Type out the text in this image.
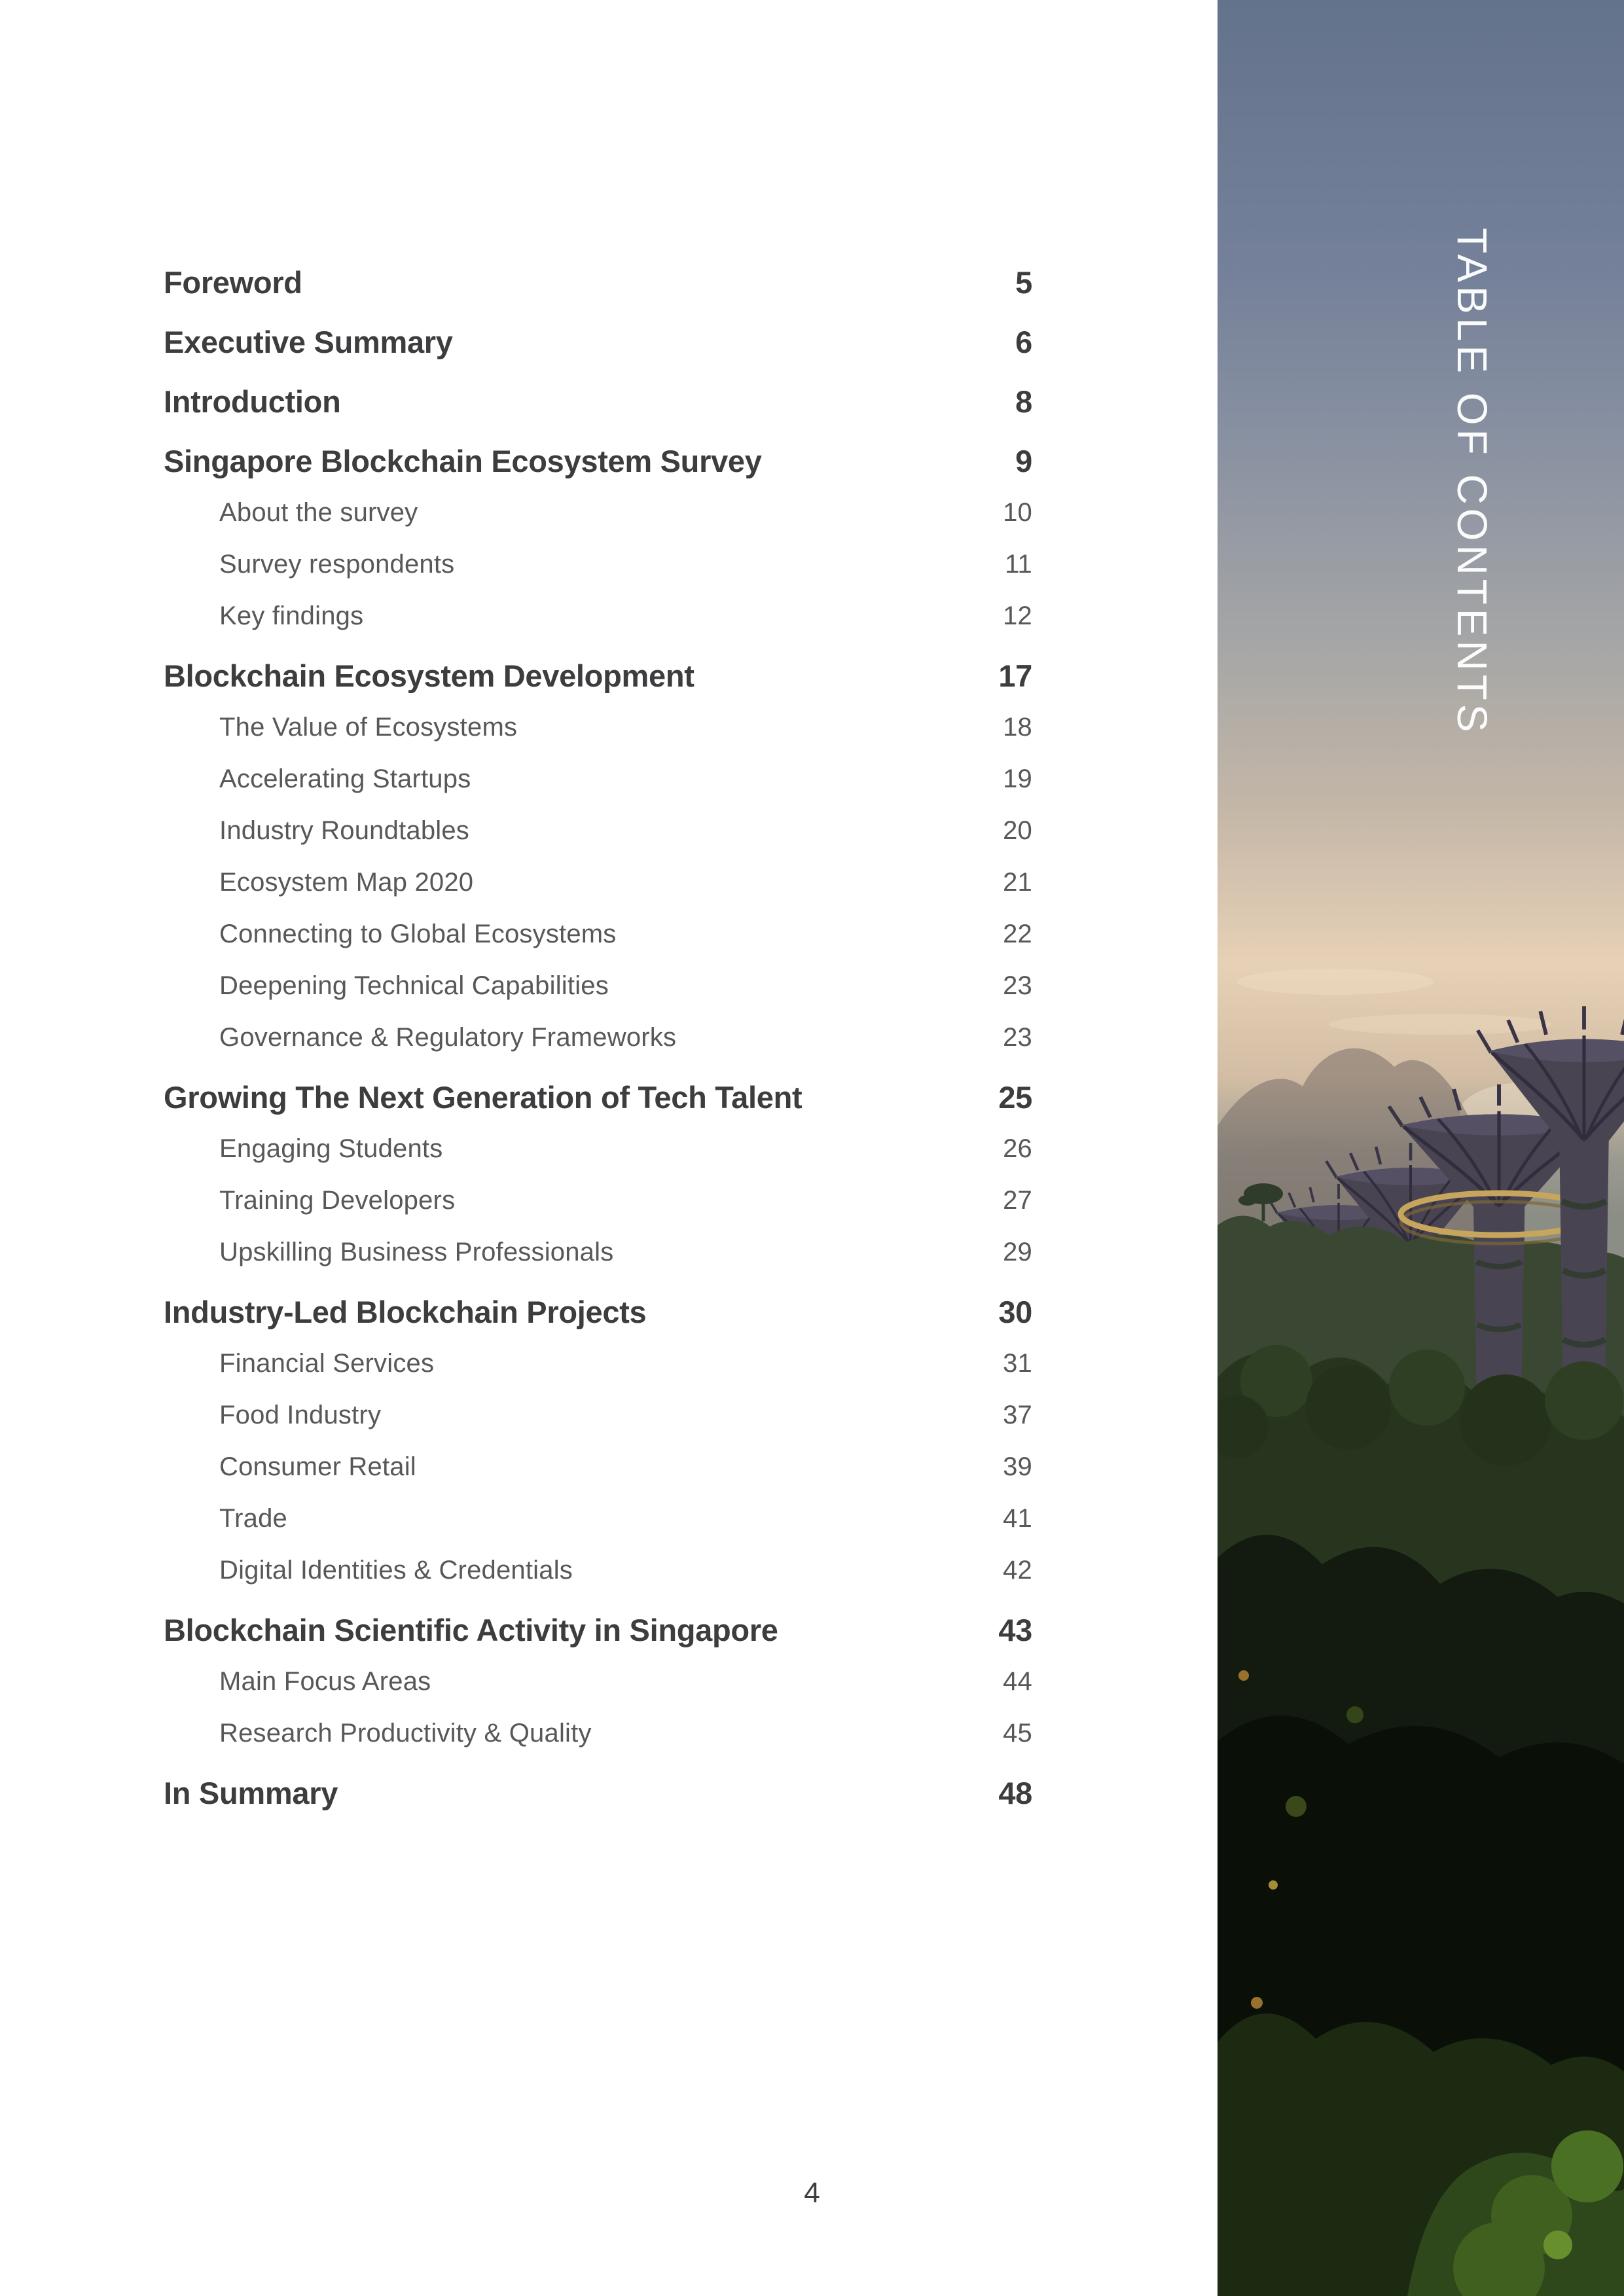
Foreword	5
Executive Summary	6
Introduction	8
Singapore Blockchain Ecosystem Survey	9
About the survey	10
Survey respondents	11
Key findings	12
Blockchain Ecosystem Development	17
The Value of Ecosystems	18
Accelerating Startups	19
Industry Roundtables	20
Ecosystem Map 2020	21
Connecting to Global Ecosystems	22
Deepening Technical Capabilities	23
Governance & Regulatory Frameworks	23
Growing The Next Generation of Tech Talent	25
Engaging Students	26
Training Developers	27
Upskilling Business Professionals	29
Industry-Led Blockchain Projects	30
Financial Services	31
Food Industry	37
Consumer Retail	39
Trade	41
Digital Identities & Credentials	42
Blockchain Scientific Activity in Singapore	43
Main Focus Areas	44
Research Productivity & Quality	45
In Summary	48
4
TABLE OF CONTENTS
